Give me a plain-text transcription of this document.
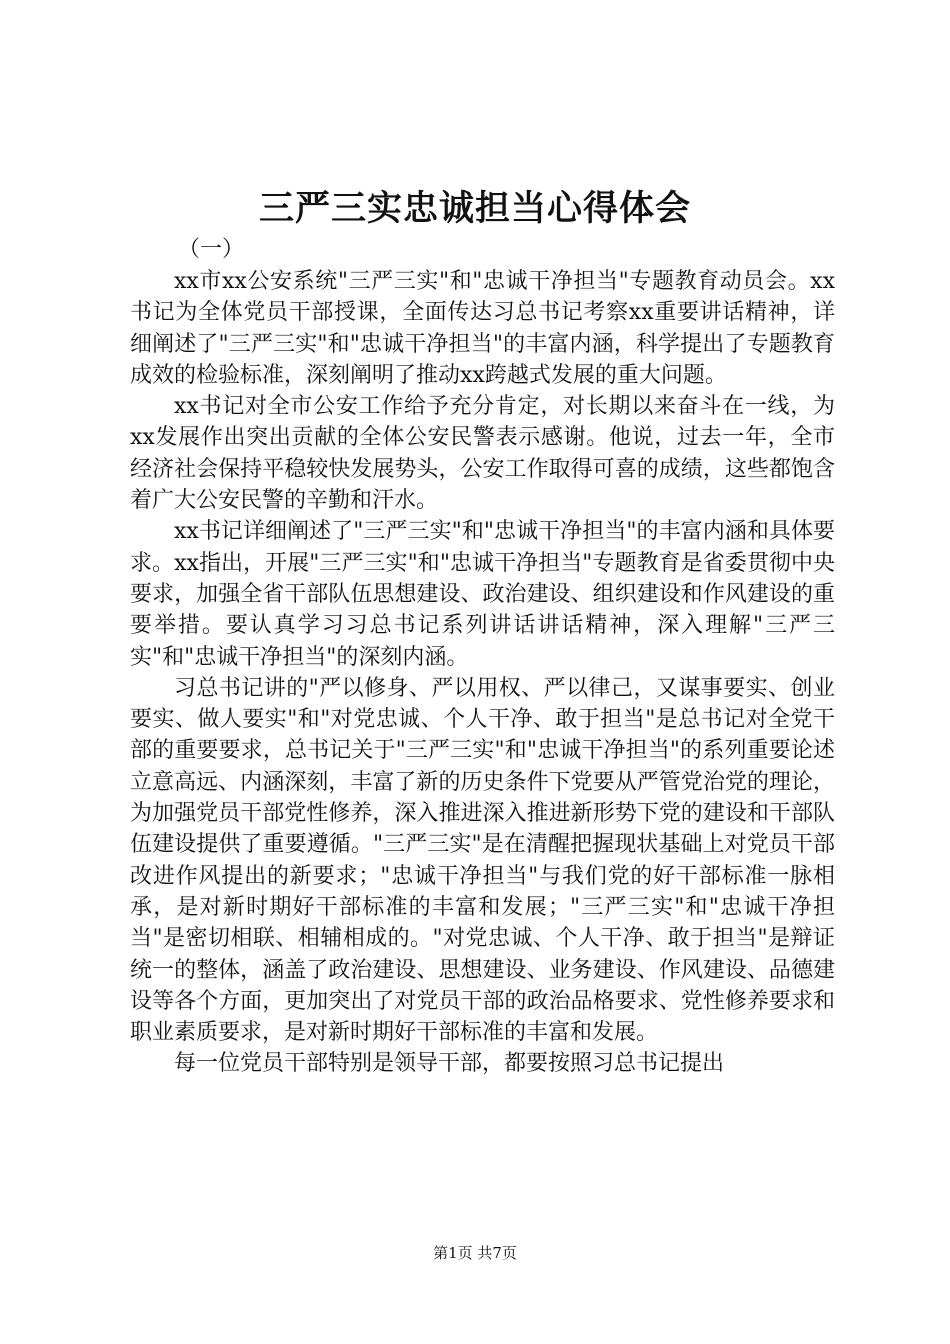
三严三实忠诚担当心得体会
（一）

xx市xx公安系统"三严三实"和"忠诚干净担当"专题教育动员会。xx书记为全体党员干部授课，全面传达习总书记考察xx重要讲话精神，详细阐述了"三严三实"和"忠诚干净担当"的丰富内涵，科学提出了专题教育成效的检验标准，深刻阐明了推动xx跨越式发展的重大问题。

xx书记对全市公安工作给予充分肯定，对长期以来奋斗在一线，为xx发展作出突出贡献的全体公安民警表示感谢。他说，过去一年，全市经济社会保持平稳较快发展势头，公安工作取得可喜的成绩，这些都饱含着广大公安民警的辛勤和汗水。

xx书记详细阐述了"三严三实"和"忠诚干净担当"的丰富内涵和具体要求。xx指出，开展"三严三实"和"忠诚干净担当"专题教育是省委贯彻中央要求，加强全省干部队伍思想建设、政治建设、组织建设和作风建设的重要举措。要认真学习习总书记系列讲话讲话精神，深入理解"三严三实"和"忠诚干净担当"的深刻内涵。

习总书记讲的"严以修身、严以用权、严以律己，又谋事要实、创业要实、做人要实"和"对党忠诚、个人干净、敢于担当"是总书记对全党干部的重要要求，总书记关于"三严三实"和"忠诚干净担当"的系列重要论述立意高远、内涵深刻，丰富了新的历史条件下党要从严管党治党的理论，为加强党员干部党性修养，深入推进深入推进新形势下党的建设和干部队伍建设提供了重要遵循。"三严三实"是在清醒把握现状基础上对党员干部改进作风提出的新要求；"忠诚干净担当"与我们党的好干部标准一脉相承，是对新时期好干部标准的丰富和发展；"三严三实"和"忠诚干净担当"是密切相联、相辅相成的。"对党忠诚、个人干净、敢于担当"是辩证统一的整体，涵盖了政治建设、思想建设、业务建设、作风建设、品德建设等各个方面，更加突出了对党员干部的政治品格要求、党性修养要求和职业素质要求，是对新时期好干部标准的丰富和发展。

每一位党员干部特别是领导干部，都要按照习总书记提出

第1页 共7页
